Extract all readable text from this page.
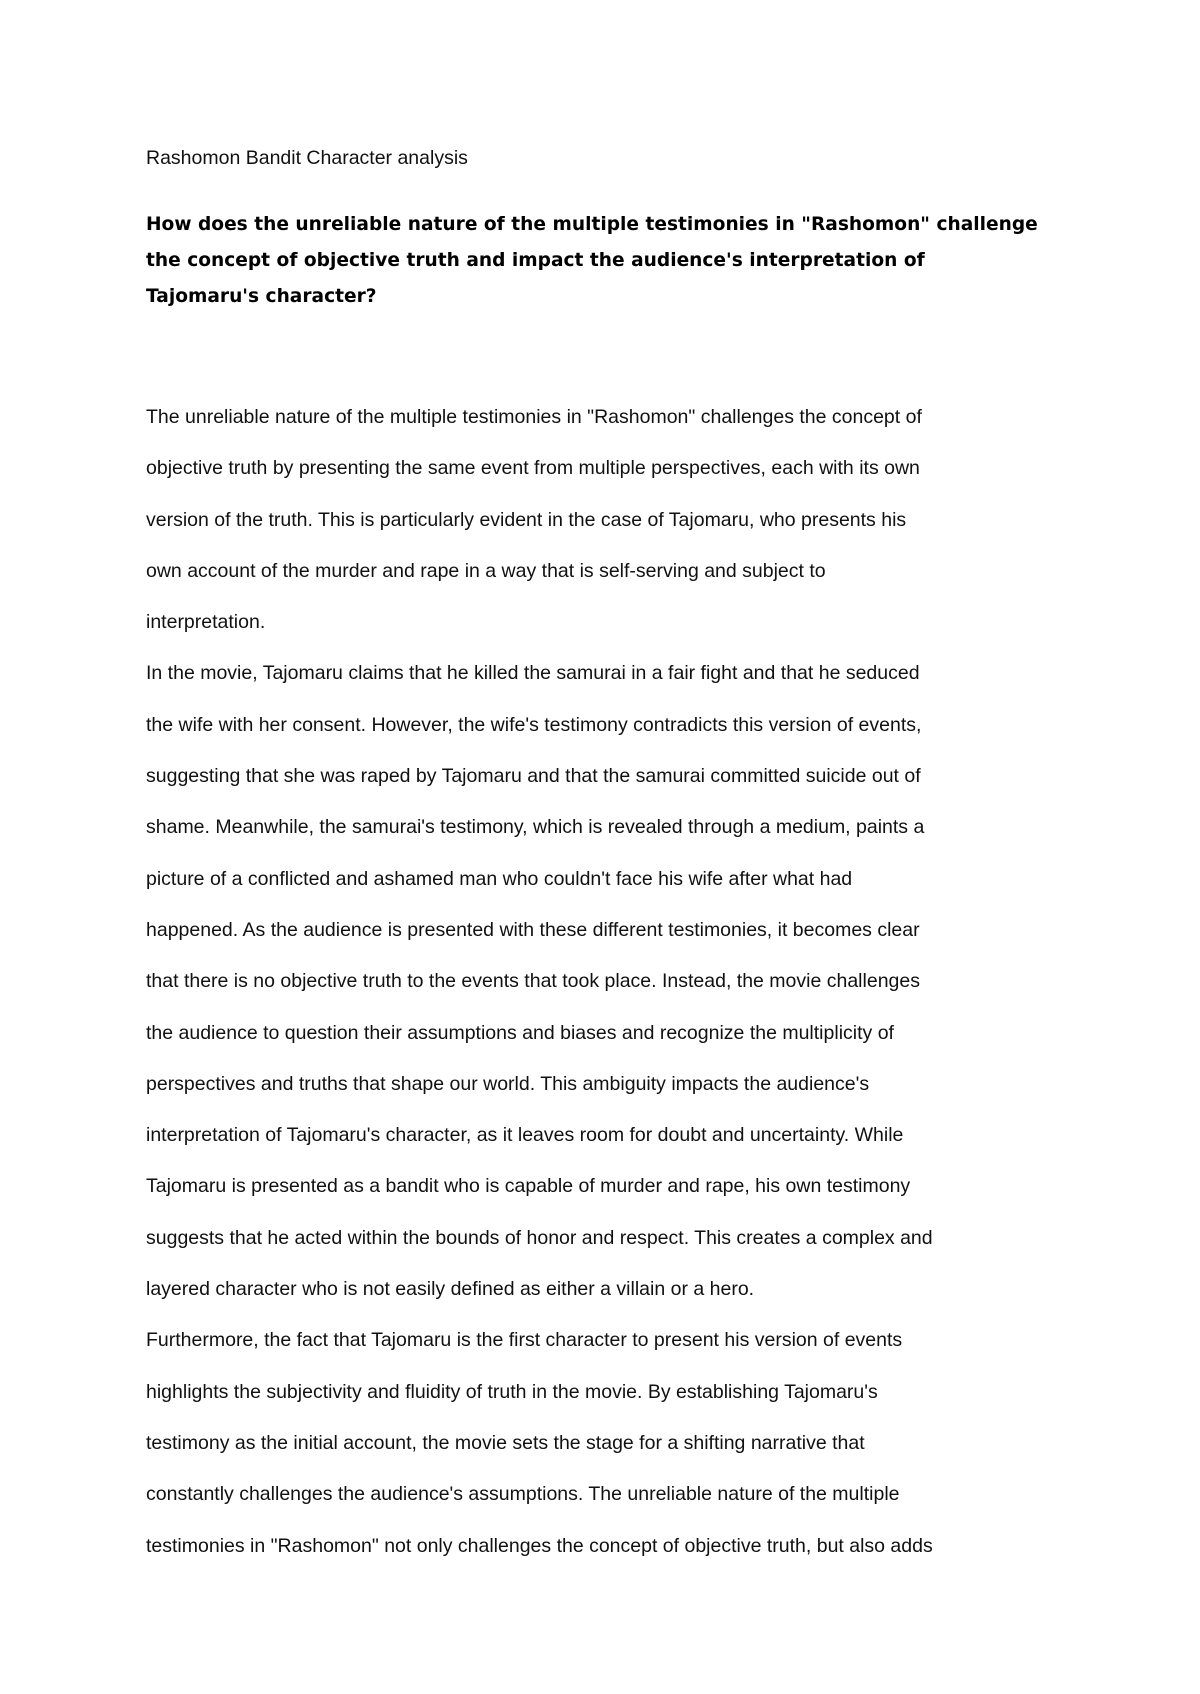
Rashomon Bandit Character analysis
How does the unreliable nature of the multiple testimonies in "Rashomon" challenge
the concept of objective truth and impact the audience's interpretation of
Tajomaru's character?
The unreliable nature of the multiple testimonies in "Rashomon" challenges the concept of
objective truth by presenting the same event from multiple perspectives, each with its own
version of the truth. This is particularly evident in the case of Tajomaru, who presents his
own account of the murder and rape in a way that is self-serving and subject to
interpretation.
In the movie, Tajomaru claims that he killed the samurai in a fair fight and that he seduced
the wife with her consent. However, the wife's testimony contradicts this version of events,
suggesting that she was raped by Tajomaru and that the samurai committed suicide out of
shame. Meanwhile, the samurai's testimony, which is revealed through a medium, paints a
picture of a conflicted and ashamed man who couldn't face his wife after what had
happened. As the audience is presented with these different testimonies, it becomes clear
that there is no objective truth to the events that took place. Instead, the movie challenges
the audience to question their assumptions and biases and recognize the multiplicity of
perspectives and truths that shape our world. This ambiguity impacts the audience's
interpretation of Tajomaru's character, as it leaves room for doubt and uncertainty. While
Tajomaru is presented as a bandit who is capable of murder and rape, his own testimony
suggests that he acted within the bounds of honor and respect. This creates a complex and
layered character who is not easily defined as either a villain or a hero.
Furthermore, the fact that Tajomaru is the first character to present his version of events
highlights the subjectivity and fluidity of truth in the movie. By establishing Tajomaru's
testimony as the initial account, the movie sets the stage for a shifting narrative that
constantly challenges the audience's assumptions. The unreliable nature of the multiple
testimonies in "Rashomon" not only challenges the concept of objective truth, but also adds
